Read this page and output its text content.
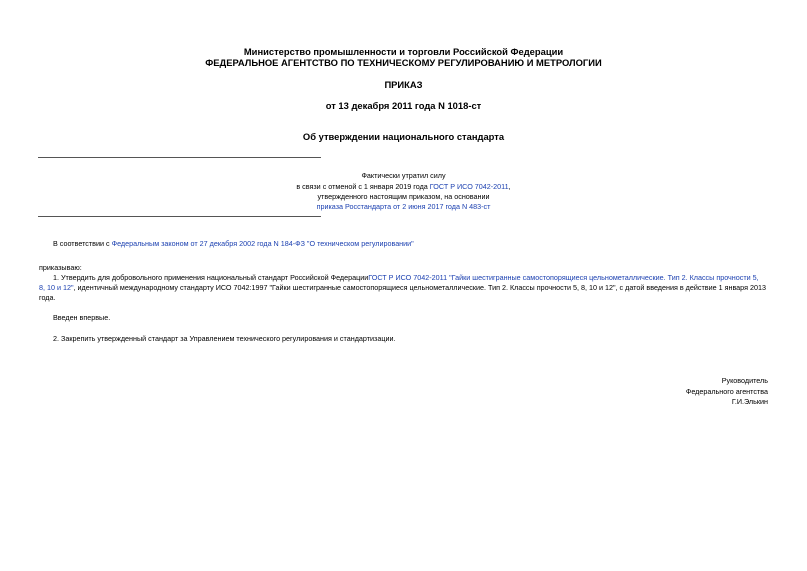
Министерство промышленности и торговли Российской Федерации
ФЕДЕРАЛЬНОЕ АГЕНТСТВО ПО ТЕХНИЧЕСКОМУ РЕГУЛИРОВАНИЮ И МЕТРОЛОГИИ
ПРИКАЗ
от 13 декабря 2011 года N 1018-ст
Об утверждении национального стандарта
Фактически утратил силу
в связи с отменой с 1 января 2019 года ГОСТ Р ИСО 7042-2011,
утвержденного настоящим приказом, на основании
приказа Росстандарта от 2 июня 2017 года N 483-ст
В соответствии с Федеральным законом от 27 декабря 2002 года N 184-ФЗ "О техническом регулировании"
приказываю:
1. Утвердить для добровольного применения национальный стандарт Российской ФедерацииГОСТ Р ИСО 7042-2011 "Гайки шестигранные самостопорящиеся цельнометаллические. Тип 2. Классы прочности 5,
8, 10 и 12", идентичный международному стандарту ИСО 7042:1997 "Гайки шестигранные самостопорящиеся цельнометаллические. Тип 2. Классы прочности 5, 8, 10 и 12", с датой введения в действие 1 января 2013
года.
Введен впервые.
2. Закрепить утвержденный стандарт за Управлением технического регулирования и стандартизации.
Руководитель
Федерального агентства
Г.И.Элькин
